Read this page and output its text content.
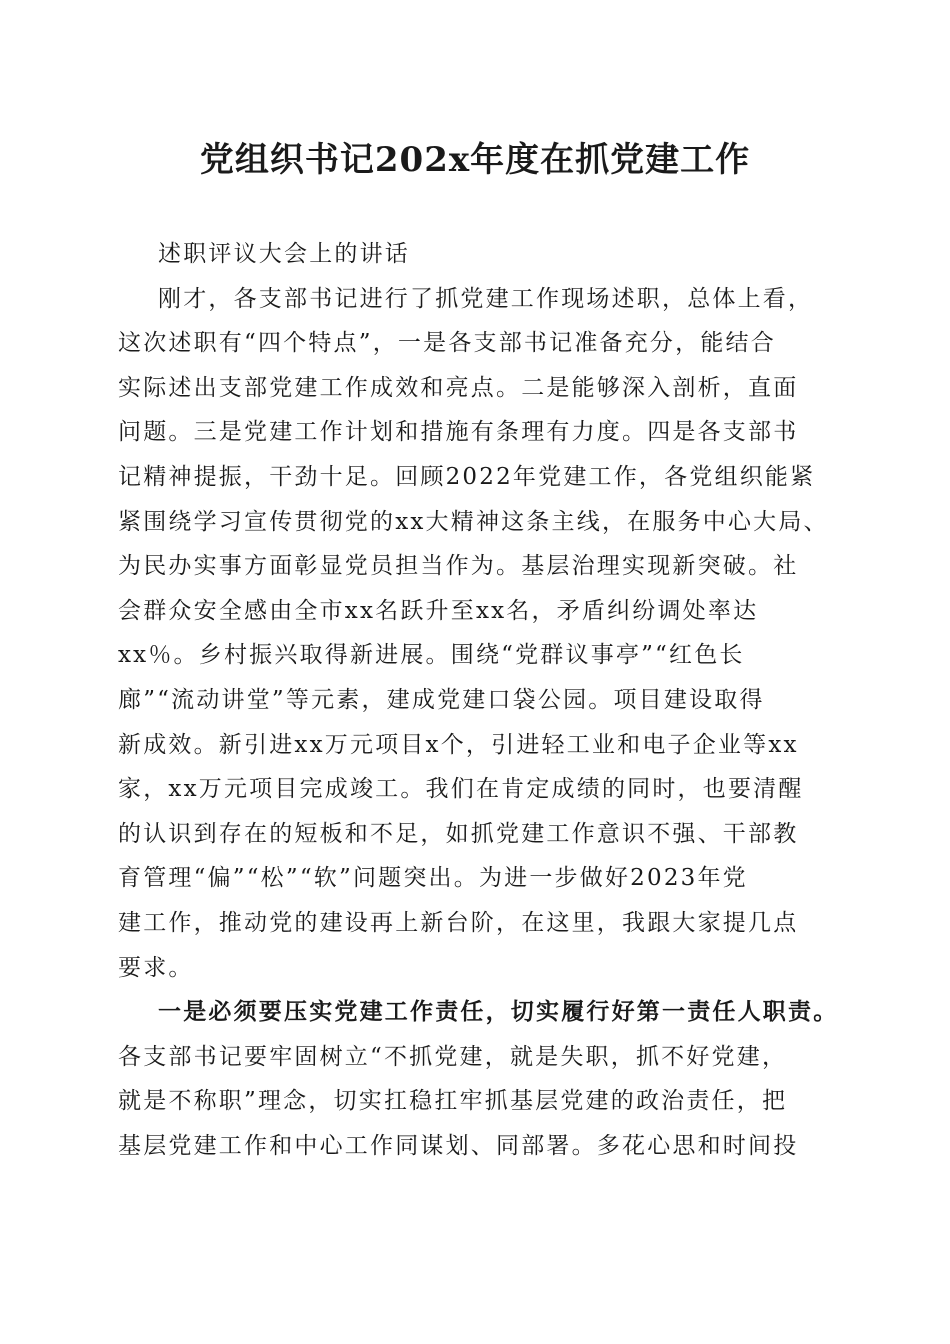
党组织书记202x年度在抓党建工作
述职评议大会上的讲话
刚才，各支部书记进行了抓党建工作现场述职，总体上看，
这次述职有“四个特点”，一是各支部书记准备充分，能结合
实际述出支部党建工作成效和亮点。二是能够深入剖析，直面
问题。三是党建工作计划和措施有条理有力度。四是各支部书
记精神提振，干劲十足。回顾2022年党建工作，各党组织能紧
紧围绕学习宣传贯彻党的xx大精神这条主线，在服务中心大局、
为民办实事方面彰显党员担当作为。基层治理实现新突破。社
会群众安全感由全市xx名跃升至xx名，矛盾纠纷调处率达
xx％。乡村振兴取得新进展。围绕“党群议事亭”“红色长
廊”“流动讲堂”等元素，建成党建口袋公园。项目建设取得
新成效。新引进xx万元项目x个，引进轻工业和电子企业等xx
家，xx万元项目完成竣工。我们在肯定成绩的同时，也要清醒
的认识到存在的短板和不足，如抓党建工作意识不强、干部教
育管理“偏”“松”“软”问题突出。为进一步做好2023年党
建工作，推动党的建设再上新台阶，在这里，我跟大家提几点
要求。
一是必须要压实党建工作责任，切实履行好第一责任人职责。
各支部书记要牢固树立“不抓党建，就是失职，抓不好党建，
就是不称职”理念，切实扛稳扛牢抓基层党建的政治责任，把
基层党建工作和中心工作同谋划、同部署。多花心思和时间投
